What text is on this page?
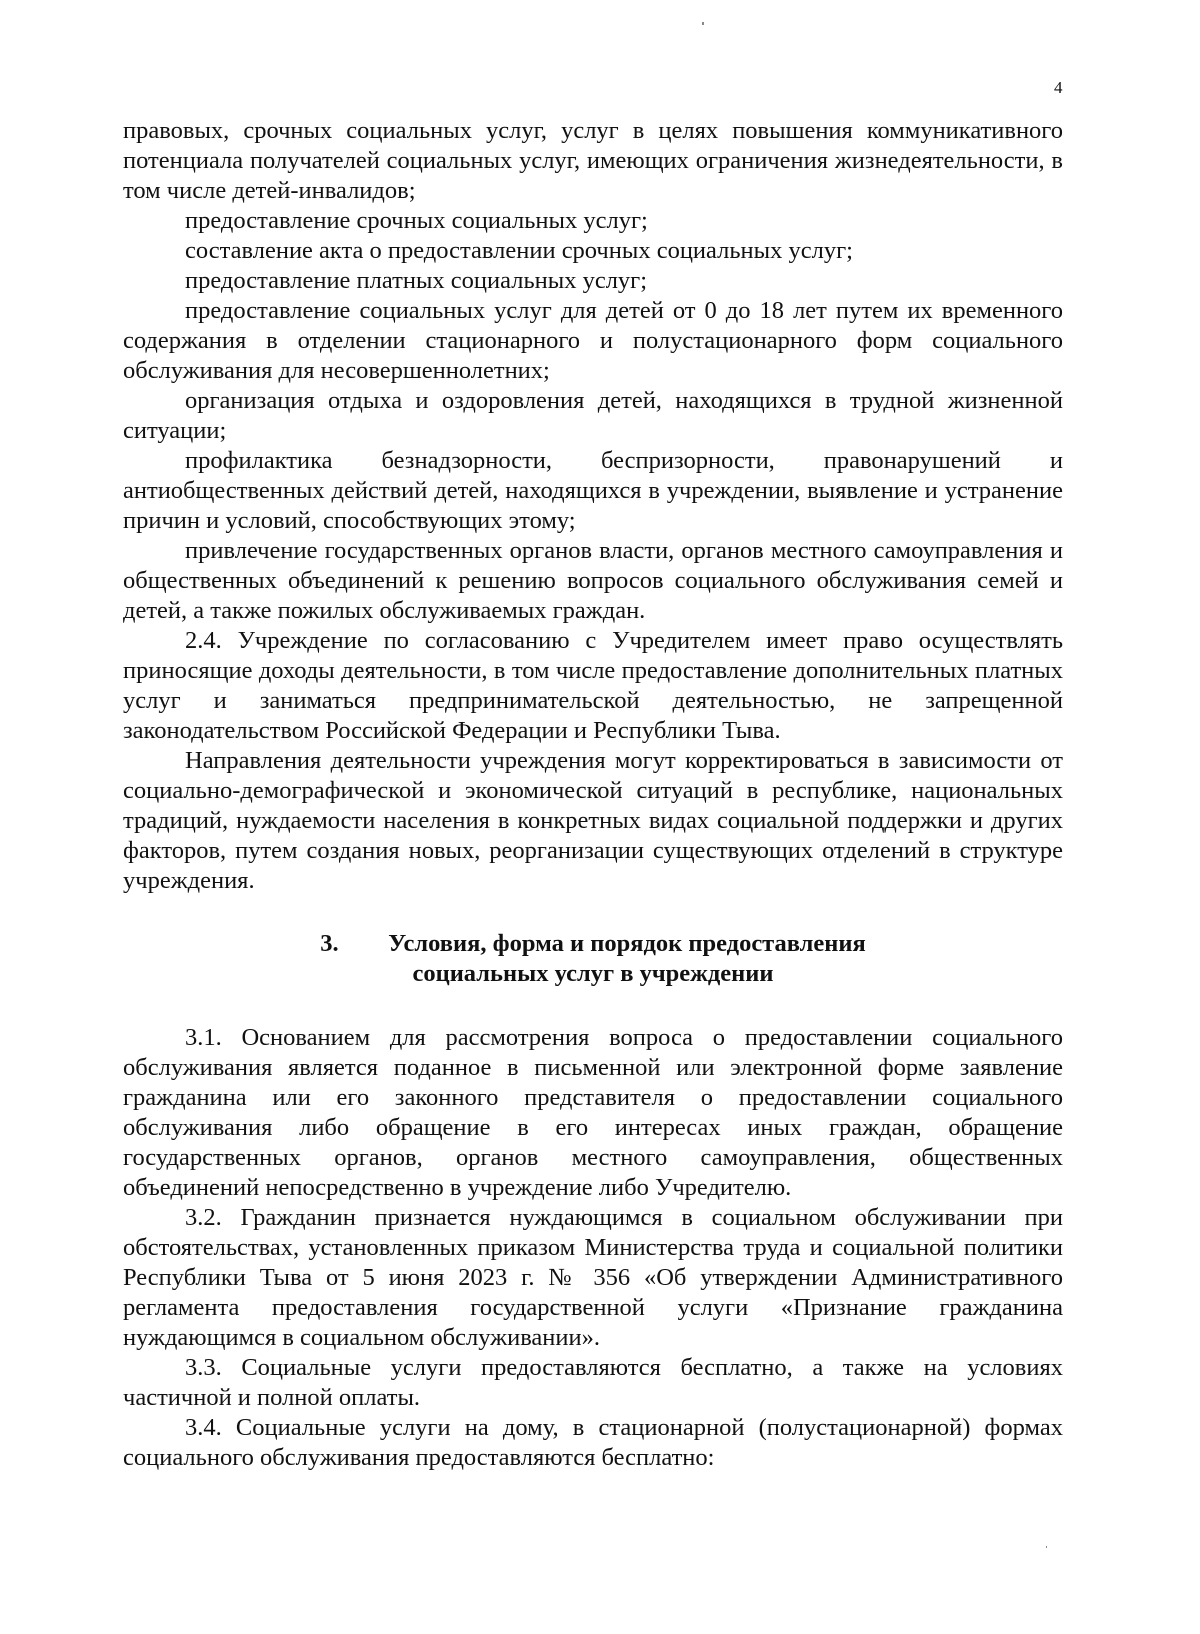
4

правовых, срочных социальных услуг, услуг в целях повышения коммуникативного потенциала получателей социальных услуг, имеющих ограничения жизнедеятельности, в том числе детей-инвалидов;

предоставление срочных социальных услуг;

составление акта о предоставлении срочных социальных услуг;

предоставление платных социальных услуг;

предоставление социальных услуг для детей от 0 до 18 лет путем их временного содержания в отделении стационарного и полустационарного форм социального обслуживания для несовершеннолетних;

организация отдыха и оздоровления детей, находящихся в трудной жизненной ситуации;

профилактика безнадзорности, беспризорности, правонарушений и антиобщественных действий детей, находящихся в учреждении, выявление и устранение причин и условий, способствующих этому;

привлечение государственных органов власти, органов местного самоуправления и общественных объединений к решению вопросов социального обслуживания семей и детей, а также пожилых обслуживаемых граждан.

2.4. Учреждение по согласованию с Учредителем имеет право осуществлять приносящие доходы деятельности, в том числе предоставление дополнительных платных услуг и заниматься предпринимательской деятельностью, не запрещенной законодательством Российской Федерации и Республики Тыва.

Направления деятельности учреждения могут корректироваться в зависимости от социально-демографической и экономической ситуаций в республике, национальных традиций, нуждаемости населения в конкретных видах социальной поддержки и других факторов, путем создания новых, реорганизации существующих отделений в структуре учреждения.

3. Условия, форма и порядок предоставления
социальных услуг в учреждении

3.1. Основанием для рассмотрения вопроса о предоставлении социального обслуживания является поданное в письменной или электронной форме заявление гражданина или его законного представителя о предоставлении социального обслуживания либо обращение в его интересах иных граждан, обращение государственных органов, органов местного самоуправления, общественных объединений непосредственно в учреждение либо Учредителю.

3.2. Гражданин признается нуждающимся в социальном обслуживании при обстоятельствах, установленных приказом Министерства труда и социальной политики Республики Тыва от 5 июня 2023 г. № 356 «Об утверждении Административного регламента предоставления государственной услуги «Признание гражданина нуждающимся в социальном обслуживании».

3.3. Социальные услуги предоставляются бесплатно, а также на условиях частичной и полной оплаты.

3.4. Социальные услуги на дому, в стационарной (полустационарной) формах социального обслуживания предоставляются бесплатно:
